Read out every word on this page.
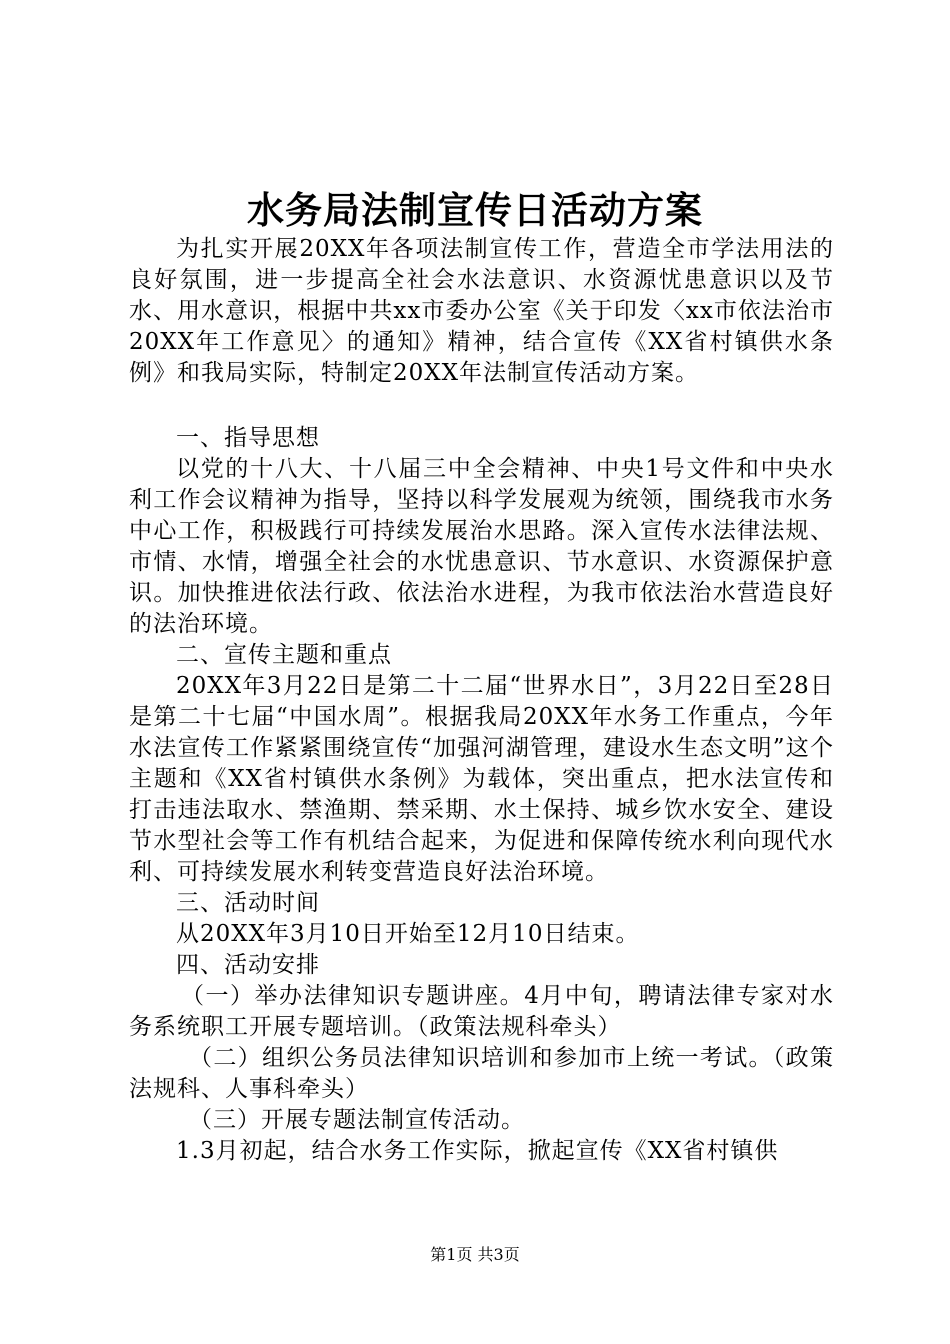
水务局法制宣传日活动方案

为扎实开展20XX年各项法制宣传工作，营造全市学法用法的良好氛围，进一步提高全社会水法意识、水资源忧患意识以及节水、用水意识，根据中共xx市委办公室《关于印发〈xx市依法治市20XX年工作意见〉的通知》精神，结合宣传《XX省村镇供水条例》和我局实际，特制定20XX年法制宣传活动方案。

一、指导思想

以党的十八大、十八届三中全会精神、中央1号文件和中央水利工作会议精神为指导，坚持以科学发展观为统领，围绕我市水务中心工作，积极践行可持续发展治水思路。深入宣传水法律法规、市情、水情，增强全社会的水忧患意识、节水意识、水资源保护意识。加快推进依法行政、依法治水进程，为我市依法治水营造良好的法治环境。

二、宣传主题和重点

20XX年3月22日是第二十二届“世界水日”，3月22日至28日是第二十七届“中国水周”。根据我局20XX年水务工作重点，今年水法宣传工作紧紧围绕宣传“加强河湖管理，建设水生态文明”这个主题和《XX省村镇供水条例》为载体，突出重点，把水法宣传和打击违法取水、禁渔期、禁采期、水土保持、城乡饮水安全、建设节水型社会等工作有机结合起来，为促进和保障传统水利向现代水利、可持续发展水利转变营造良好法治环境。

三、活动时间

从20XX年3月10日开始至12月10日结束。

四、活动安排

（一）举办法律知识专题讲座。4月中旬，聘请法律专家对水务系统职工开展专题培训。（政策法规科牵头）

（二）组织公务员法律知识培训和参加市上统一考试。（政策法规科、人事科牵头）

（三）开展专题法制宣传活动。

1.3月初起，结合水务工作实际，掀起宣传《XX省村镇供

第1页 共3页
